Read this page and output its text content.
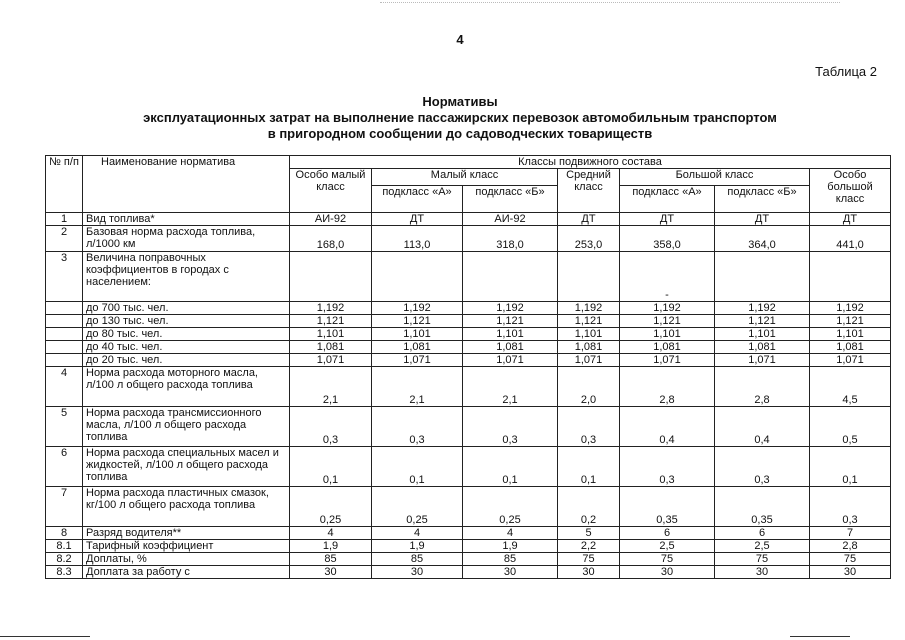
4
Таблица 2
Нормативы
эксплуатационных затрат на выполнение пассажирских перевозок автомобильным транспортом
в пригородном сообщении до садоводческих товариществ
№ п/п	Наименование норматива	Классы подвижного состава						
		Особо малый класс	Малый класс		Средний класс	Большой класс		Особо большой класс
			подкласс «А»	подкласс «Б»		подкласс «А»	подкласс «Б»	
1	Вид топлива*	АИ-92	ДТ	АИ-92	ДТ	ДТ	ДТ	ДТ
2	Базовая норма расхода топлива, л/1000 км	168,0	113,0	318,0	253,0	358,0	364,0	441,0
3	Величина поправочных коэффициентов в городах с населением:					-		
	до 700 тыс. чел.	1,192	1,192	1,192	1,192	1,192	1,192	1,192
	до 130 тыс. чел.	1,121	1,121	1,121	1,121	1,121	1,121	1,121
	до 80 тыс. чел.	1,101	1,101	1,101	1,101	1,101	1,101	1,101
	до 40 тыс. чел.	1,081	1,081	1,081	1,081	1,081	1,081	1,081
	до 20 тыс. чел.	1,071	1,071	1,071	1,071	1,071	1,071	1,071
4	Норма расхода моторного масла, л/100 л общего расхода топлива	2,1	2,1	2,1	2,0	2,8	2,8	4,5
5	Норма расхода трансмиссионного масла, л/100 л общего расхода топлива	0,3	0,3	0,3	0,3	0,4	0,4	0,5
6	Норма расхода специальных масел и жидкостей, л/100 л общего расхода топлива	0,1	0,1	0,1	0,1	0,3	0,3	0,1
7	Норма расхода пластичных смазок, кг/100 л общего расхода топлива	0,25	0,25	0,25	0,2	0,35	0,35	0,3
8	Разряд водителя**	4	4	4	5	6	6	7
8.1	Тарифный коэффициент	1,9	1,9	1,9	2,2	2,5	2,5	2,8
8.2	Доплаты, %	85	85	85	75	75	75	75
8.3	Доплата за работу с	30	30	30	30	30	30	30
